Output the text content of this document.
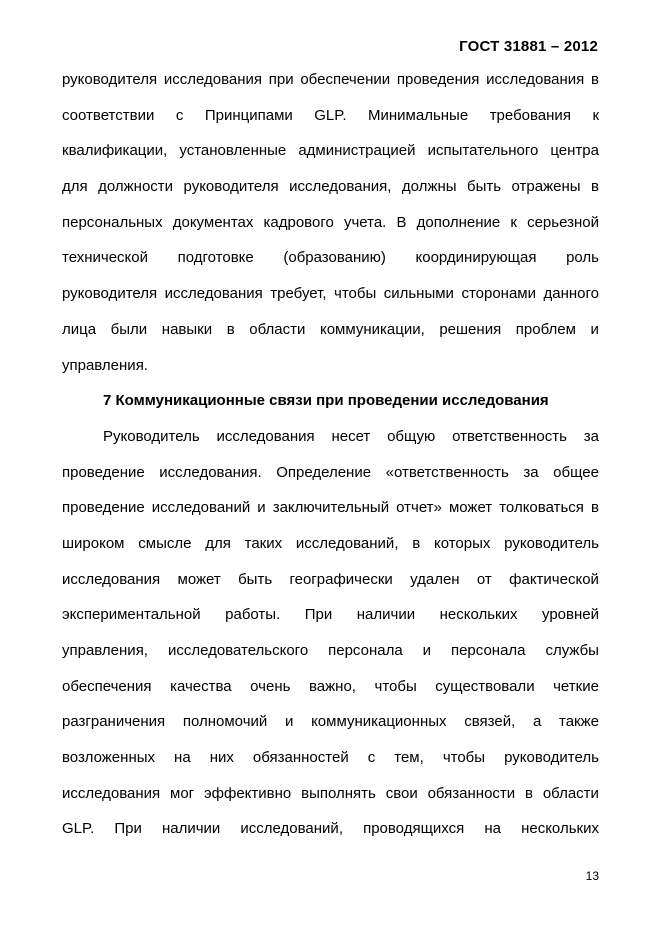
ГОСТ 31881 – 2012
руководителя исследования при обеспечении проведения исследования в
соответствии с Принципами GLP. Минимальные требования к
квалификации, установленные администрацией испытательного центра
для должности руководителя исследования, должны быть отражены в
персональных документах кадрового учета. В дополнение к серьезной
технической подготовке (образованию) координирующая роль
руководителя исследования требует, чтобы сильными сторонами данного
лица были навыки в области коммуникации, решения проблем и
управления.
7 Коммуникационные связи при проведении исследования
Руководитель исследования несет общую ответственность за
проведение исследования. Определение «ответственность за общее
проведение исследований и заключительный отчет» может толковаться в
широком смысле для таких исследований, в которых руководитель
исследования может быть географически удален от фактической
экспериментальной работы. При наличии нескольких уровней
управления, исследовательского персонала и персонала службы
обеспечения качества очень важно, чтобы существовали четкие
разграничения полномочий и коммуникационных связей, а также
возложенных на них обязанностей с тем, чтобы руководитель
исследования мог эффективно выполнять свои обязанности в области
GLP. При наличии исследований, проводящихся на нескольких
13
